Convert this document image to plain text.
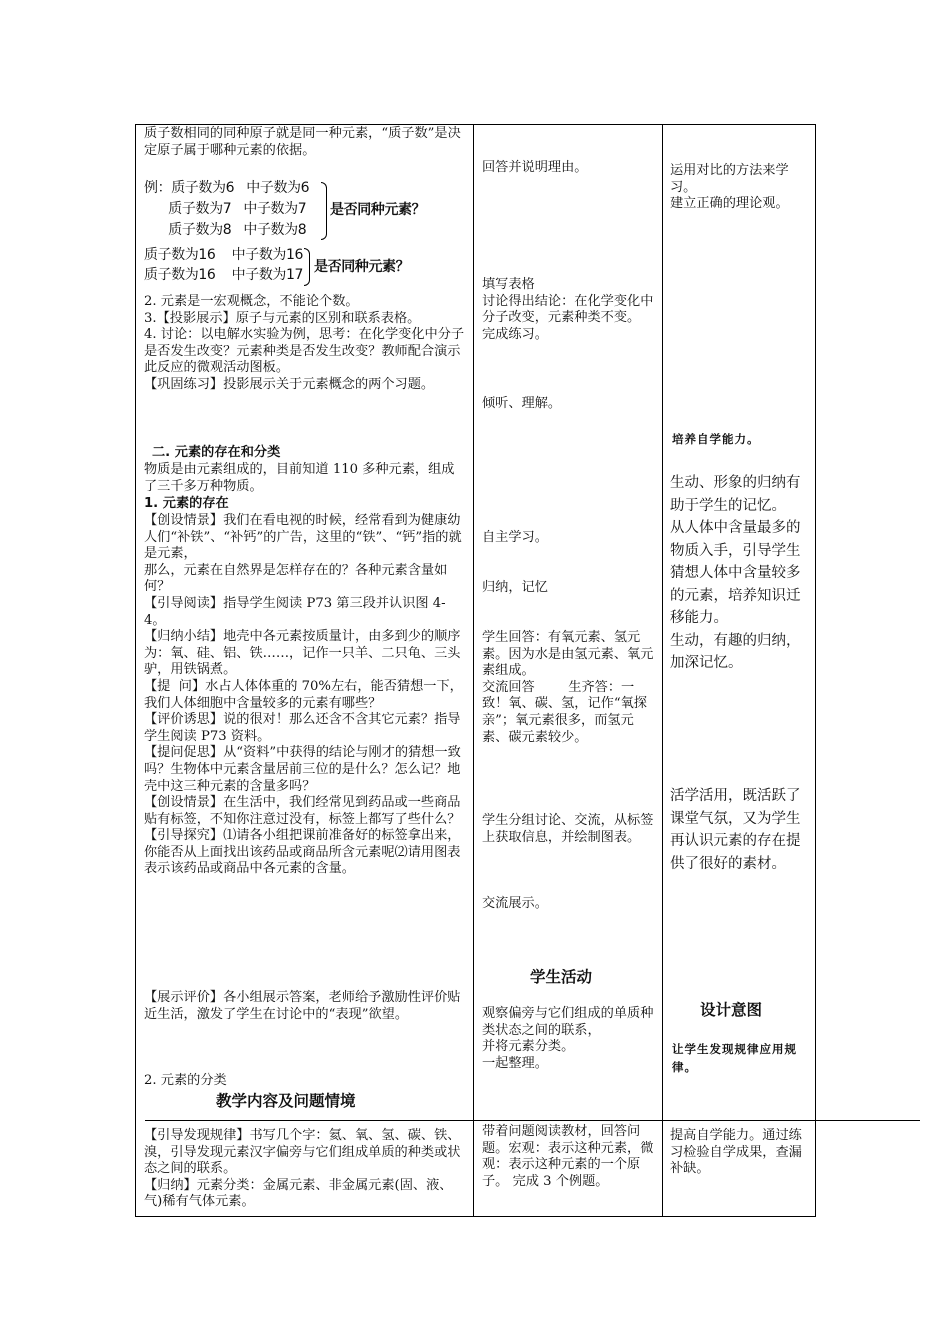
质子数相同的同种原子就是同一种元素，“质子数”是决定原子属于哪种元素的依据。
例：质子数为6   中子数为6
质子数为7   中子数为7
质子数为8   中子数为8
是否同种元素？
质子数为16    中子数为16
质子数为16    中子数为17 是否同种元素？
2. 元素是一宏观概念，不能论个数。
3.【投影展示】原子与元素的区别和联系表格。
4. 讨论：以电解水实验为例，思考：在化学变化中分子是否发生改变？元素种类是否发生改变？教师配合演示此反应的微观活动图板。
【巩固练习】投影展示关于元素概念的两个习题。
二. 元素的存在和分类
物质是由元素组成的，目前知道 110 多种元素，组成了三千多万种物质。
1. 元素的存在
【创设情景】我们在看电视的时候，经常看到为健康幼人们“补铁”、“补钙”的广告，这里的“铁”、“钙”指的就是元素，
那么，元素在自然界是怎样存在的？各种元素含量如何？
【引导阅读】指导学生阅读 P73 第三段并认识图 4-4。
【归纳小结】地壳中各元素按质量计，由多到少的顺序为：氧、硅、铝、铁……，记作一只羊、二只龟、三头驴，用铁锅煮。
【提  问】水占人体体重的 70%左右，能否猜想一下，我们人体细胞中含量较多的元素有哪些？
【评价诱思】说的很对！那么还含不含其它元素？指导学生阅读 P73 资料。
【提问促思】从“资料”中获得的结论与刚才的猜想一致吗？生物体中元素含量居前三位的是什么？怎么记？地壳中这三种元素的含量多吗？
【创设情景】在生活中，我们经常见到药品或一些商品贴有标签，不知你注意过没有，标签上都写了些什么？
【引导探究】⑴请各小组把课前准备好的标签拿出来，你能否从上面找出该药品或商品所含元素呢⑵请用图表表示该药品或商品中各元素的含量。
【展示评价】各小组展示答案，老师给予激励性评价贴近生活，激发了学生在讨论中的“表现”欲望。
2. 元素的分类
教学内容及问题情境
回答并说明理由。
填写表格
讨论得出结论：在化学变化中分子改变，元素种类不变。
完成练习。
倾听、理解。
自主学习。
归纳，记忆
学生回答：有氧元素、氢元素。因为水是由氢元素、氧元素组成。
交流回答        生齐答：一致！氧、碳、氢，记作“氧探亲”；氧元素很多，而氢元素、碳元素较少。
学生分组讨论、交流，从标签上获取信息，并绘制图表。
交流展示。
学生活动
观察偏旁与它们组成的单质种类状态之间的联系，
并将元素分类。
一起整理。
运用对比的方法来学习。
建立正确的理论观。
培养自学能力。
生动、形象的归纳有助于学生的记忆。
从人体中含量最多的物质入手，引导学生猜想人体中含量较多的元素，培养知识迁移能力。
生动，有趣的归纳，加深记忆。
活学活用，既活跃了课堂气氛，又为学生再认识元素的存在提供了很好的素材。
设计意图
让学生发现规律应用规律。
【引导发现规律】书写几个字：氦、氧、氢、碳、铁、溴，引导发现元素汉字偏旁与它们组成单质的种类或状态之间的联系。
【归纳】元素分类：金属元素、非金属元素(固、液、气)稀有气体元素。
带着问题阅读教材，回答问题。宏观：表示这种元素，微观：表示这种元素的一个原子。 完成 3 个例题。
提高自学能力。通过练习检验自学成果，查漏补缺。
